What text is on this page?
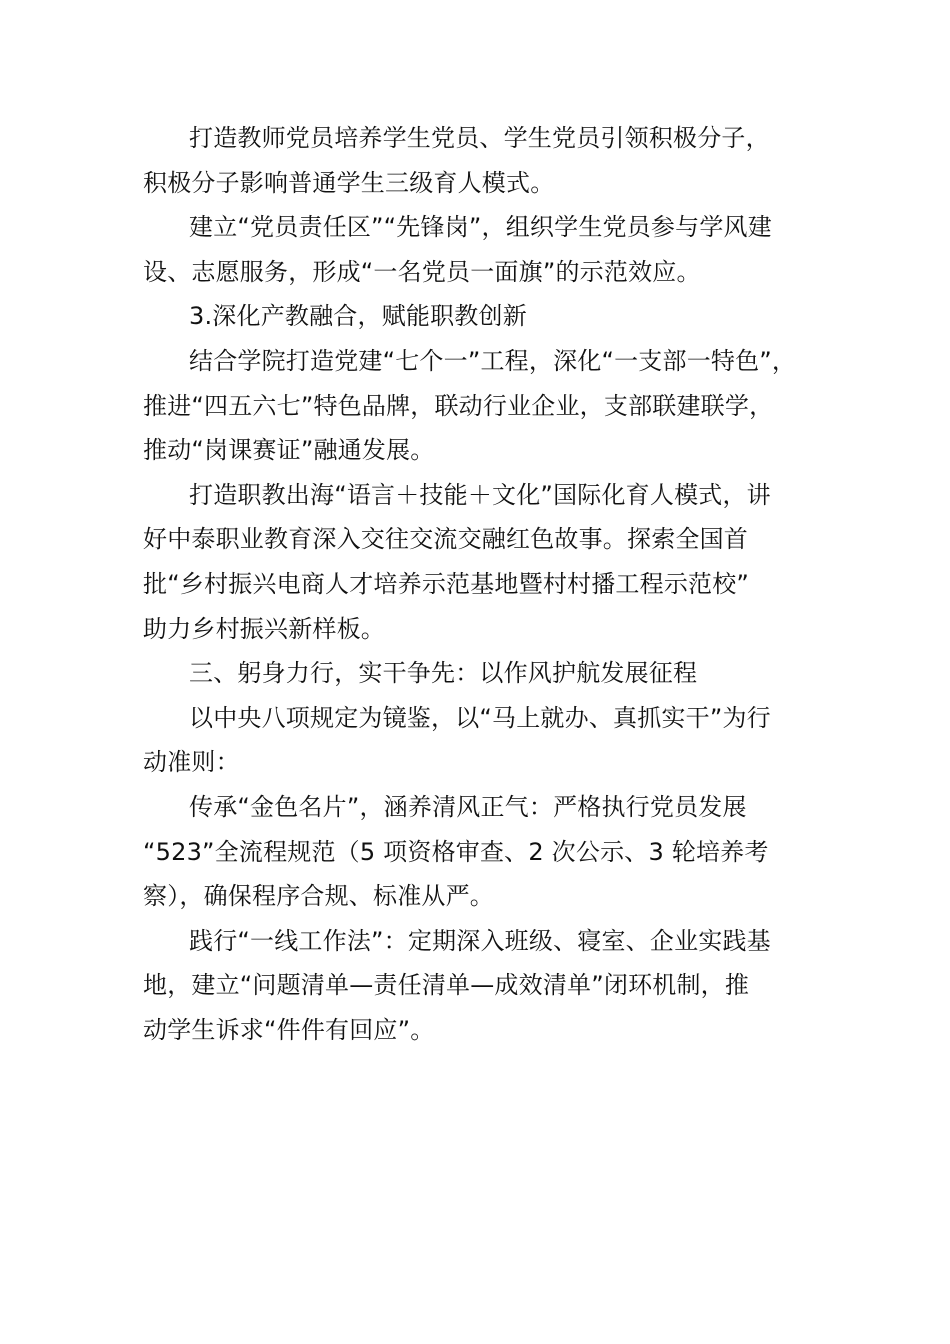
打造教师党员培养学生党员、学生党员引领积极分子，
积极分子影响普通学生三级育人模式。
建立“党员责任区”“先锋岗”，组织学生党员参与学风建
设、志愿服务，形成“一名党员一面旗”的示范效应。
3.深化产教融合，赋能职教创新
结合学院打造党建“七个一”工程，深化“一支部一特色”，
推进“四五六七”特色品牌，联动行业企业，支部联建联学，
推动“岗课赛证”融通发展。
打造职教出海“语言＋技能＋文化”国际化育人模式，讲
好中泰职业教育深入交往交流交融红色故事。探索全国首
批“乡村振兴电商人才培养示范基地暨村村播工程示范校”
助力乡村振兴新样板。
三、躬身力行，实干争先：以作风护航发展征程
以中央八项规定为镜鉴，以“马上就办、真抓实干”为行
动准则：
传承“金色名片”，涵养清风正气：严格执行党员发展
“523”全流程规范（5 项资格审查、2 次公示、3 轮培养考
察），确保程序合规、标准从严。
践行“一线工作法”：定期深入班级、寝室、企业实践基
地，建立“问题清单—责任清单—成效清单”闭环机制，推
动学生诉求“件件有回应”。
